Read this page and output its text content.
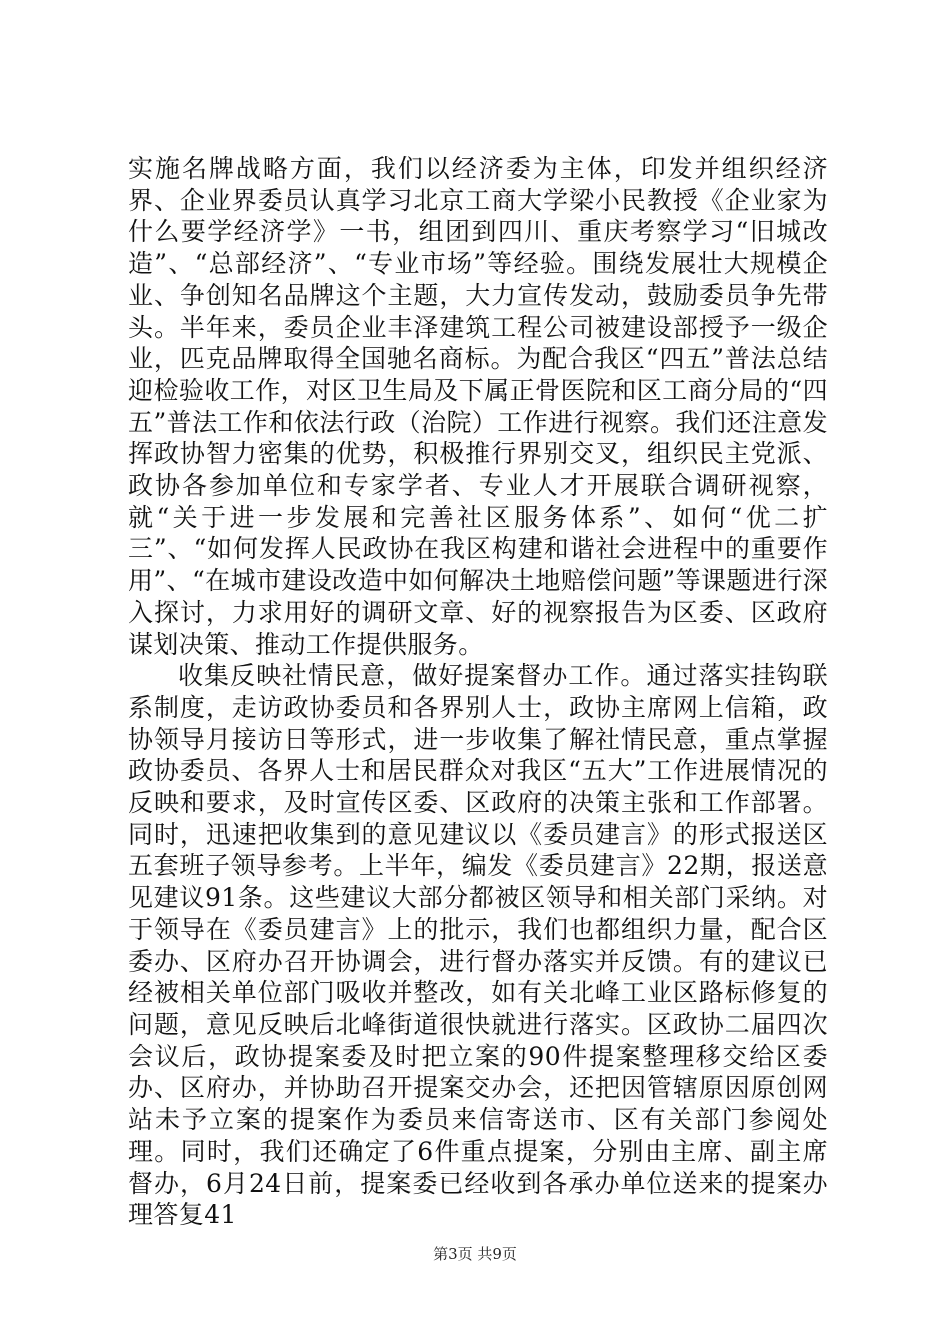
实施名牌战略方面，我们以经济委为主体，印发并组织经济界、企业界委员认真学习北京工商大学梁小民教授《企业家为什么要学经济学》一书，组团到四川、重庆考察学习“旧城改造”、“总部经济”、“专业市场”等经验。围绕发展壮大规模企业、争创知名品牌这个主题，大力宣传发动，鼓励委员争先带头。半年来，委员企业丰泽建筑工程公司被建设部授予一级企业，匹克品牌取得全国驰名商标。为配合我区“四五”普法总结迎检验收工作，对区卫生局及下属正骨医院和区工商分局的“四五”普法工作和依法行政（治院）工作进行视察。我们还注意发挥政协智力密集的优势，积极推行界别交叉，组织民主党派、政协各参加单位和专家学者、专业人才开展联合调研视察，就“关于进一步发展和完善社区服务体系”、如何“优二扩三”、“如何发挥人民政协在我区构建和谐社会进程中的重要作用”、“在城市建设改造中如何解决土地赔偿问题”等课题进行深入探讨，力求用好的调研文章、好的视察报告为区委、区政府谋划决策、推动工作提供服务。

收集反映社情民意，做好提案督办工作。通过落实挂钩联系制度，走访政协委员和各界别人士，政协主席网上信箱，政协领导月接访日等形式，进一步收集了解社情民意，重点掌握政协委员、各界人士和居民群众对我区“五大”工作进展情况的反映和要求，及时宣传区委、区政府的决策主张和工作部署。同时，迅速把收集到的意见建议以《委员建言》的形式报送区五套班子领导参考。上半年，编发《委员建言》22期，报送意见建议91条。这些建议大部分都被区领导和相关部门采纳。对于领导在《委员建言》上的批示，我们也都组织力量，配合区委办、区府办召开协调会，进行督办落实并反馈。有的建议已经被相关单位部门吸收并整改，如有关北峰工业区路标修复的问题，意见反映后北峰街道很快就进行落实。区政协二届四次会议后，政协提案委及时把立案的90件提案整理移交给区委办、区府办，并协助召开提案交办会，还把因管辖原因原创网站未予立案的提案作为委员来信寄送市、区有关部门参阅处理。同时，我们还确定了6件重点提案，分别由主席、副主席督办，6月24日前，提案委已经收到各承办单位送来的提案办理答复41

第3页 共9页
